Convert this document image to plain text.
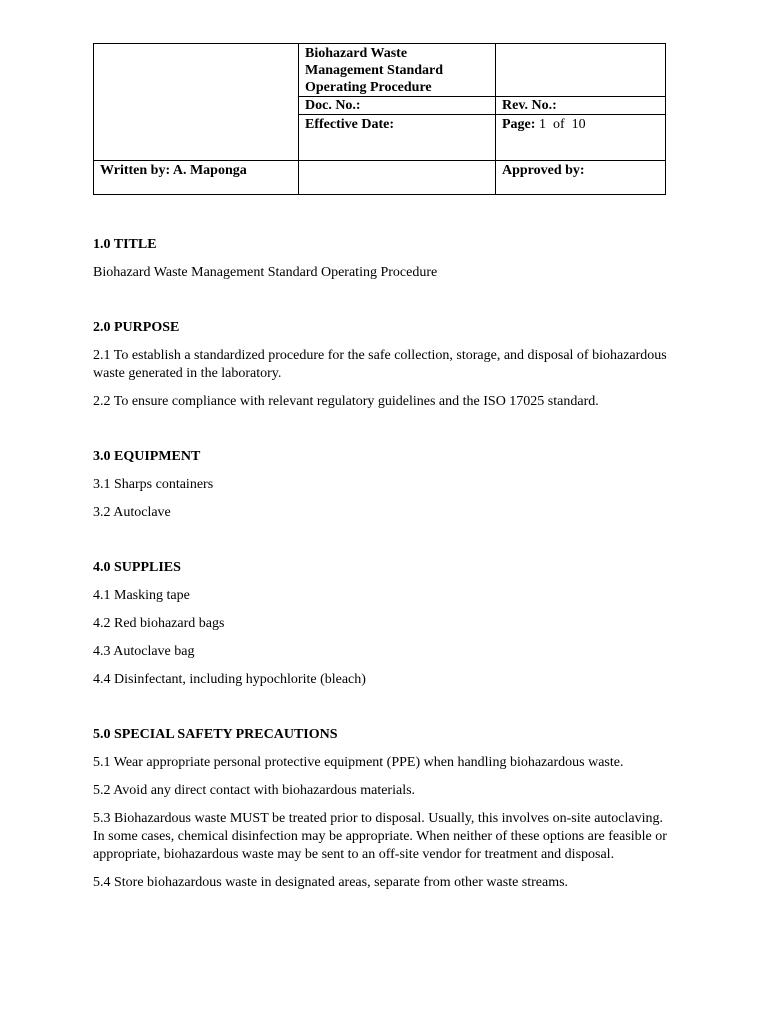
	Biohazard Waste Management Standard Operating Procedure	
	Doc. No.:	Rev. No.:
	Effective Date:	Page: 1  of  10
Written by: A. Maponga		Approved by:
1.0 TITLE
Biohazard Waste Management Standard Operating Procedure
2.0 PURPOSE
2.1 To establish a standardized procedure for the safe collection, storage, and disposal of biohazardous waste generated in the laboratory.
2.2 To ensure compliance with relevant regulatory guidelines and the ISO 17025 standard.
3.0 EQUIPMENT
3.1 Sharps containers
3.2 Autoclave
4.0 SUPPLIES
4.1 Masking tape
4.2 Red biohazard bags
4.3 Autoclave bag
4.4 Disinfectant, including hypochlorite (bleach)
5.0 SPECIAL SAFETY PRECAUTIONS
5.1 Wear appropriate personal protective equipment (PPE) when handling biohazardous waste.
5.2 Avoid any direct contact with biohazardous materials.
5.3 Biohazardous waste MUST be treated prior to disposal. Usually, this involves on-site autoclaving. In some cases, chemical disinfection may be appropriate. When neither of these options are feasible or appropriate, biohazardous waste may be sent to an off-site vendor for treatment and disposal.
5.4 Store biohazardous waste in designated areas, separate from other waste streams.
